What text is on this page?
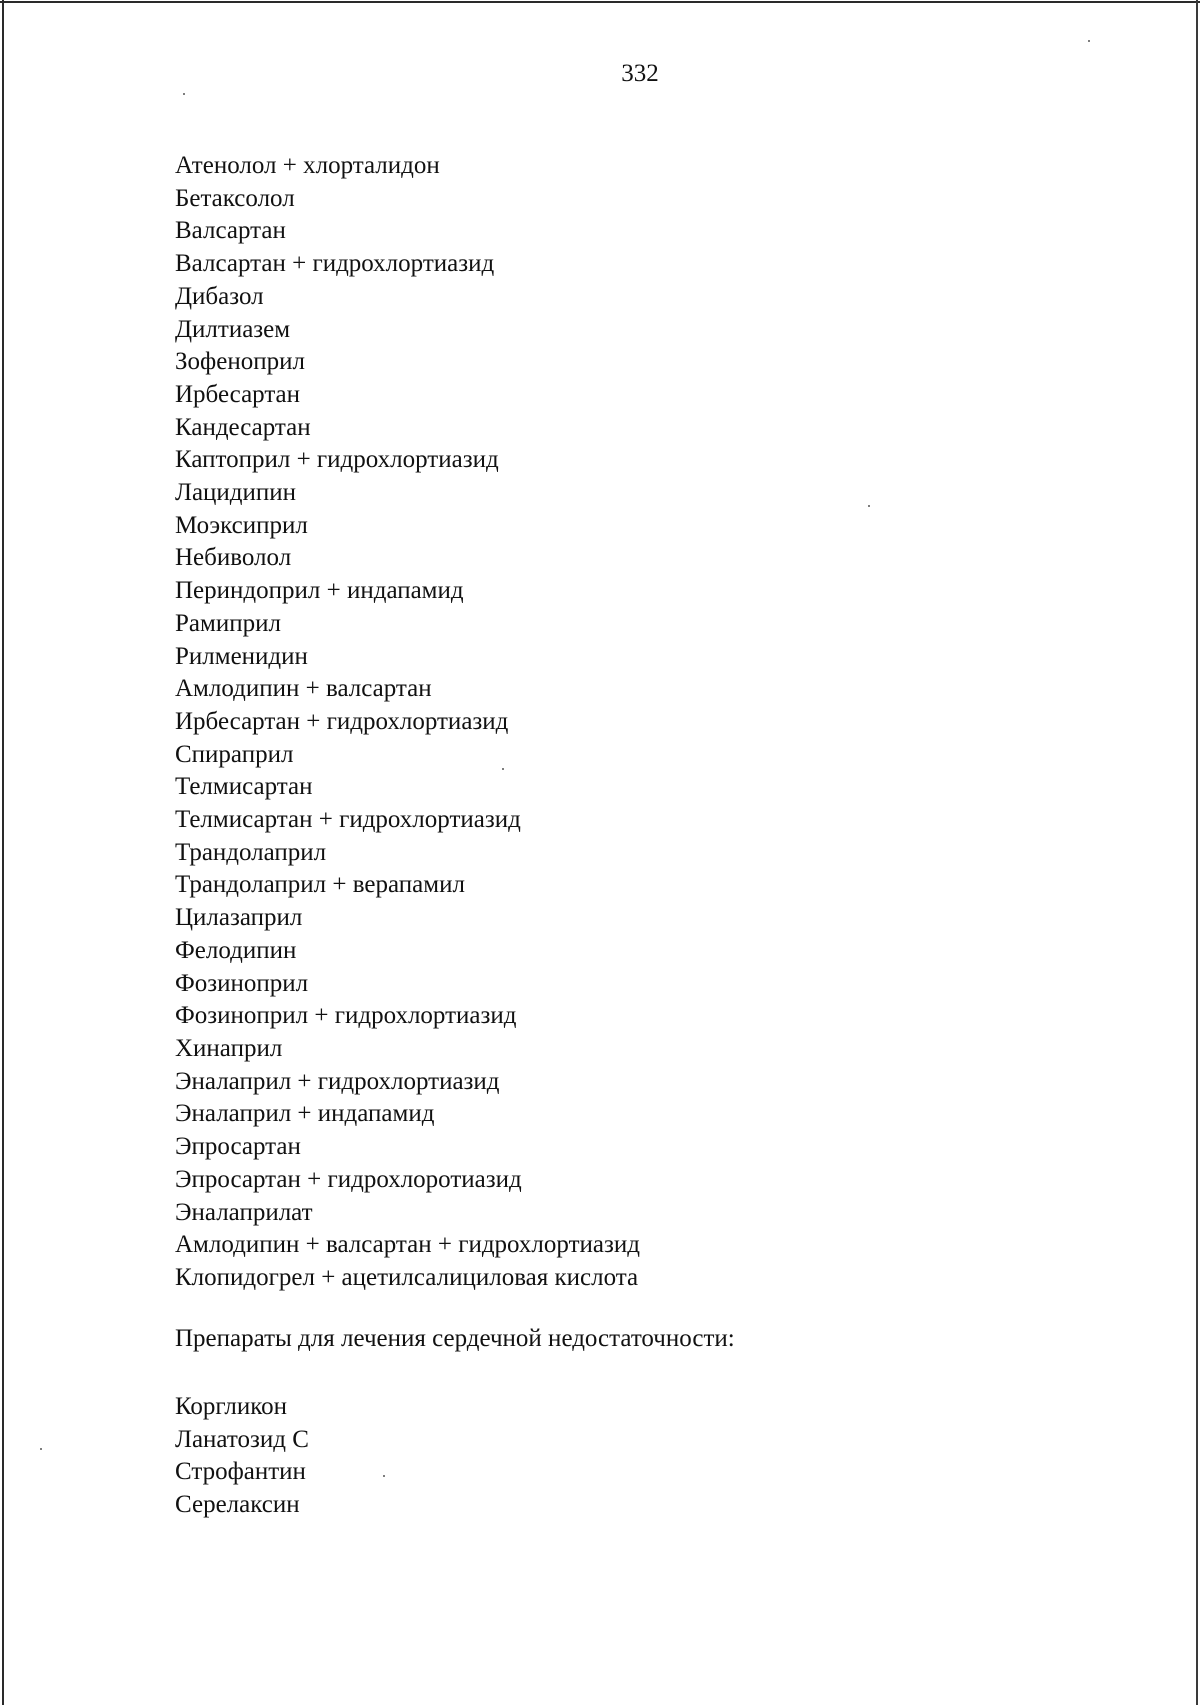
332
Атенолол + хлорталидон
Бетаксолол
Валсартан
Валсартан + гидрохлортиазид
Дибазол
Дилтиазем
Зофеноприл
Ирбесартан
Кандесартан
Каптоприл + гидрохлортиазид
Лацидипин
Моэксиприл
Небиволол
Периндоприл + индапамид
Рамиприл
Рилменидин
Амлодипин + валсартан
Ирбесартан + гидрохлортиазид
Спираприл
Телмисартан
Телмисартан + гидрохлортиазид
Трандолаприл
Трандолаприл + верапамил
Цилазаприл
Фелодипин
Фозиноприл
Фозиноприл + гидрохлортиазид
Хинаприл
Эналаприл + гидрохлортиазид
Эналаприл + индапамид
Эпросартан
Эпросартан + гидрохлоротиазид
Эналаприлат
Амлодипин + валсартан + гидрохлортиазид
Клопидогрел + ацетилсалициловая кислота
Препараты для лечения сердечной недостаточности:
Коргликон
Ланатозид С
Строфантин
Серелаксин
